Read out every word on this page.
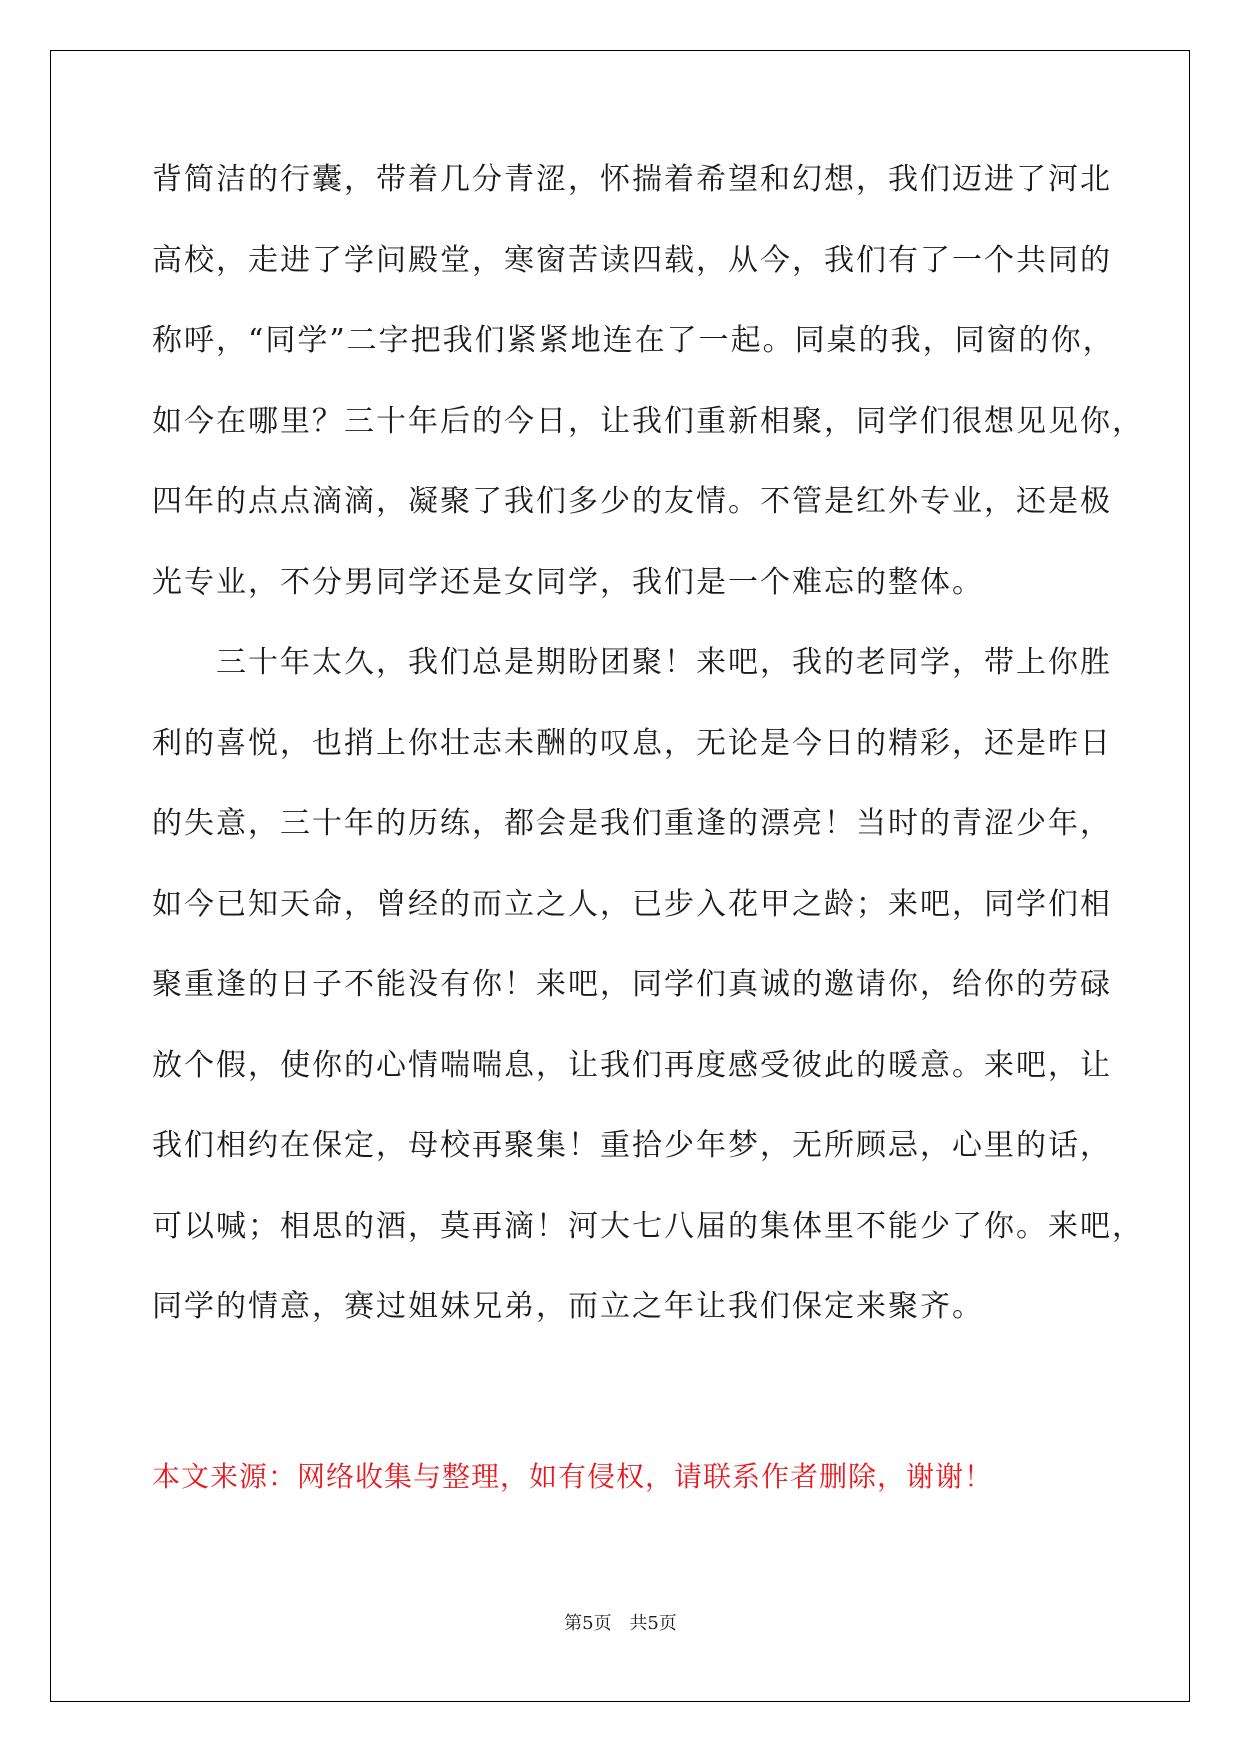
背简洁的行囊，带着几分青涩，怀揣着希望和幻想，我们迈进了河北
高校，走进了学问殿堂，寒窗苦读四载，从今，我们有了一个共同的
称呼，“同学”二字把我们紧紧地连在了一起。同桌的我，同窗的你，
如今在哪里？三十年后的今日，让我们重新相聚，同学们很想见见你，
四年的点点滴滴，凝聚了我们多少的友情。不管是红外专业，还是极
光专业，不分男同学还是女同学，我们是一个难忘的整体。
三十年太久，我们总是期盼团聚！来吧，我的老同学，带上你胜
利的喜悦，也捎上你壮志未酬的叹息，无论是今日的精彩，还是昨日
的失意，三十年的历练，都会是我们重逢的漂亮！当时的青涩少年，
如今已知天命，曾经的而立之人，已步入花甲之龄；来吧，同学们相
聚重逢的日子不能没有你！来吧，同学们真诚的邀请你，给你的劳碌
放个假，使你的心情喘喘息，让我们再度感受彼此的暖意。来吧，让
我们相约在保定，母校再聚集！重拾少年梦，无所顾忌，心里的话，
可以喊；相思的酒，莫再滴！河大七八届的集体里不能少了你。来吧，
同学的情意，赛过姐妹兄弟，而立之年让我们保定来聚齐。
本文来源：网络收集与整理，如有侵权，请联系作者删除，谢谢！
第5页 共5页
